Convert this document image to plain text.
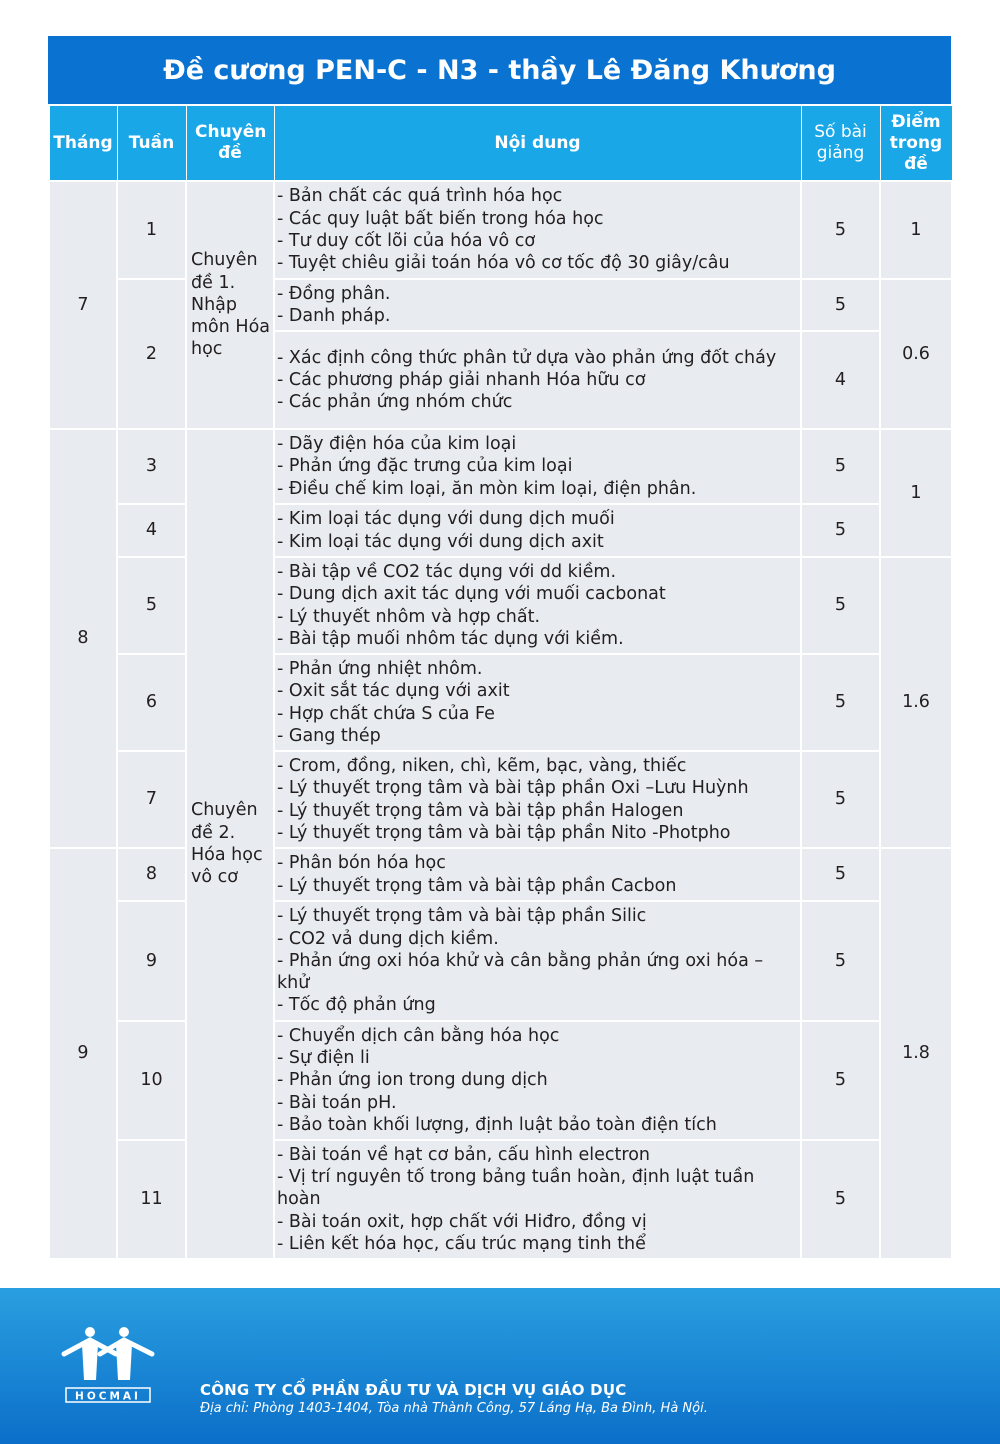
Đề cương PEN-C - N3 - thầy Lê Đăng Khương
Tháng	Tuần	Chuyên đề	Nội dung	Số bài giảng	Điểm trong đề
7	1	Chuyên đề 1. Nhập môn Hóa học	- Bản chất các quá trình hóa học
- Các quy luật bất biến trong hóa học
- Tư duy cốt lõi của hóa vô cơ
- Tuyệt chiêu giải toán hóa vô cơ tốc độ 30 giây/câu	5	1
	2		- Đồng phân.
- Danh pháp.	5	0.6

			- Xác định công thức phân tử dựa vào phản ứng đốt cháy
- Các phương pháp giải nhanh Hóa hữu cơ
- Các phản ứng nhóm chức	4	
8	3	Chuyên đề 2. Hóa học vô cơ	- Dãy điện hóa của kim loại
- Phản ứng đặc trưng của kim loại
- Điều chế kim loại, ăn mòn kim loại, điện phân.	5	1
	4		- Kim loại tác dụng với dung dịch muối
- Kim loại tác dụng với dung dịch axit	5	
	5		- Bài tập về CO2 tác dụng với dd kiềm.
- Dung dịch axit tác dụng với muối cacbonat
- Lý thuyết nhôm và hợp chất.
- Bài tập muối nhôm tác dụng với kiềm.	5	1.6
	6		- Phản ứng nhiệt nhôm.
- Oxit sắt tác dụng với axit
- Hợp chất chứa S của Fe
- Gang thép	5	
	7		- Crom, đồng, niken, chì, kẽm, bạc, vàng, thiếc
- Lý thuyết trọng tâm và bài tập phần Oxi –Lưu Huỳnh
- Lý thuyết trọng tâm và bài tập phần Halogen
- Lý thuyết trọng tâm và bài tập phần Nito -Photpho	5	
9	8		- Phân bón hóa học
- Lý thuyết trọng tâm và bài tập phần Cacbon	5	1.8
	9		- Lý thuyết trọng tâm và bài tập phần Silic
- CO2 vả dung dịch kiềm.
- Phản ứng oxi hóa khử và cân bằng phản ứng oxi hóa – khử
- Tốc độ phản ứng	5	
	10		- Chuyển dịch cân bằng hóa học
- Sự điện li
- Phản ứng ion trong dung dịch
- Bài toán pH.
- Bảo toàn khối lượng, định luật bảo toàn điện tích	5	
	11		- Bài toán về hạt cơ bản, cấu hình electron
- Vị trí nguyên tố trong bảng tuần hoàn, định luật tuần hoàn
- Bài toán oxit, hợp chất với Hiđro, đồng vị
- Liên kết hóa học, cấu trúc mạng tinh thể	5	
HOCMAI	CÔNG TY CỔ PHẦN ĐẦU TƯ VÀ DỊCH VỤ GIÁO DỤC
Địa chỉ: Phòng 1403-1404, Tòa nhà Thành Công, 57 Láng Hạ, Ba Đình, Hà Nội.
